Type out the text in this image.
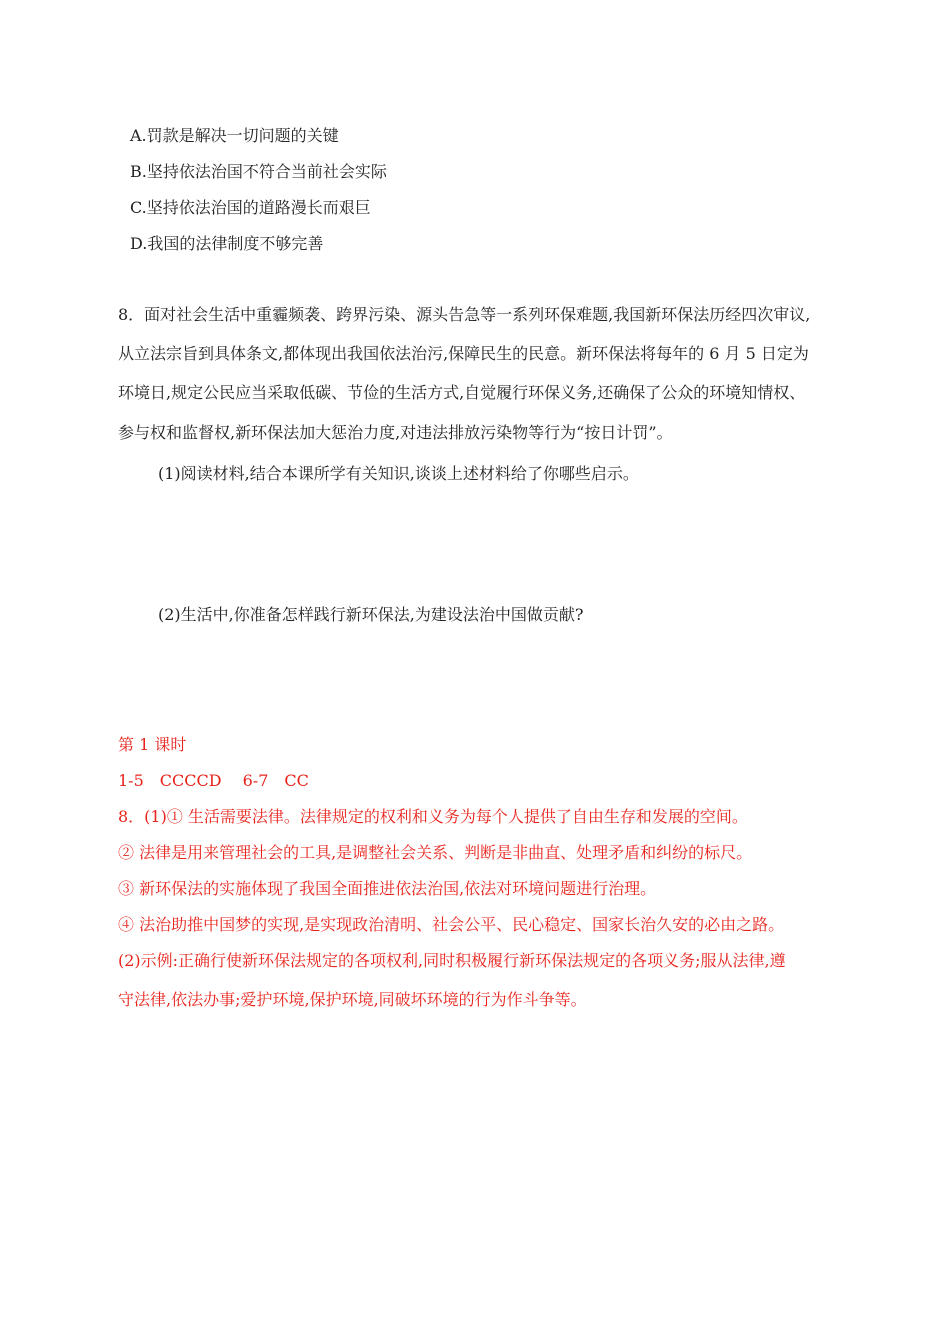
A.罚款是解决一切问题的关键
B.坚持依法治国不符合当前社会实际
C.坚持依法治国的道路漫长而艰巨
D.我国的法律制度不够完善
8．面对社会生活中重霾频袭、跨界污染、源头告急等一系列环保难题,我国新环保法历经四次审议,
从立法宗旨到具体条文,都体现出我国依法治污,保障民生的民意。新环保法将每年的 6 月 5 日定为
环境日,规定公民应当采取低碳、节俭的生活方式,自觉履行环保义务,还确保了公众的环境知情权、
参与权和监督权,新环保法加大惩治力度,对违法排放污染物等行为“按日计罚”。
(1)阅读材料,结合本课所学有关知识,谈谈上述材料给了你哪些启示。
(2)生活中,你准备怎样践行新环保法,为建设法治中国做贡献?
第 1 课时
1-5　CCCCD　 6-7　CC
8．(1)① 生活需要法律。法律规定的权利和义务为每个人提供了自由生存和发展的空间。
② 法律是用来管理社会的工具,是调整社会关系、判断是非曲直、处理矛盾和纠纷的标尺。
③ 新环保法的实施体现了我国全面推进依法治国,依法对环境问题进行治理。
④ 法治助推中国梦的实现,是实现政治清明、社会公平、民心稳定、国家长治久安的必由之路。
(2)示例:正确行使新环保法规定的各项权利,同时积极履行新环保法规定的各项义务;服从法律,遵
守法律,依法办事;爱护环境,保护环境,同破坏环境的行为作斗争等。
